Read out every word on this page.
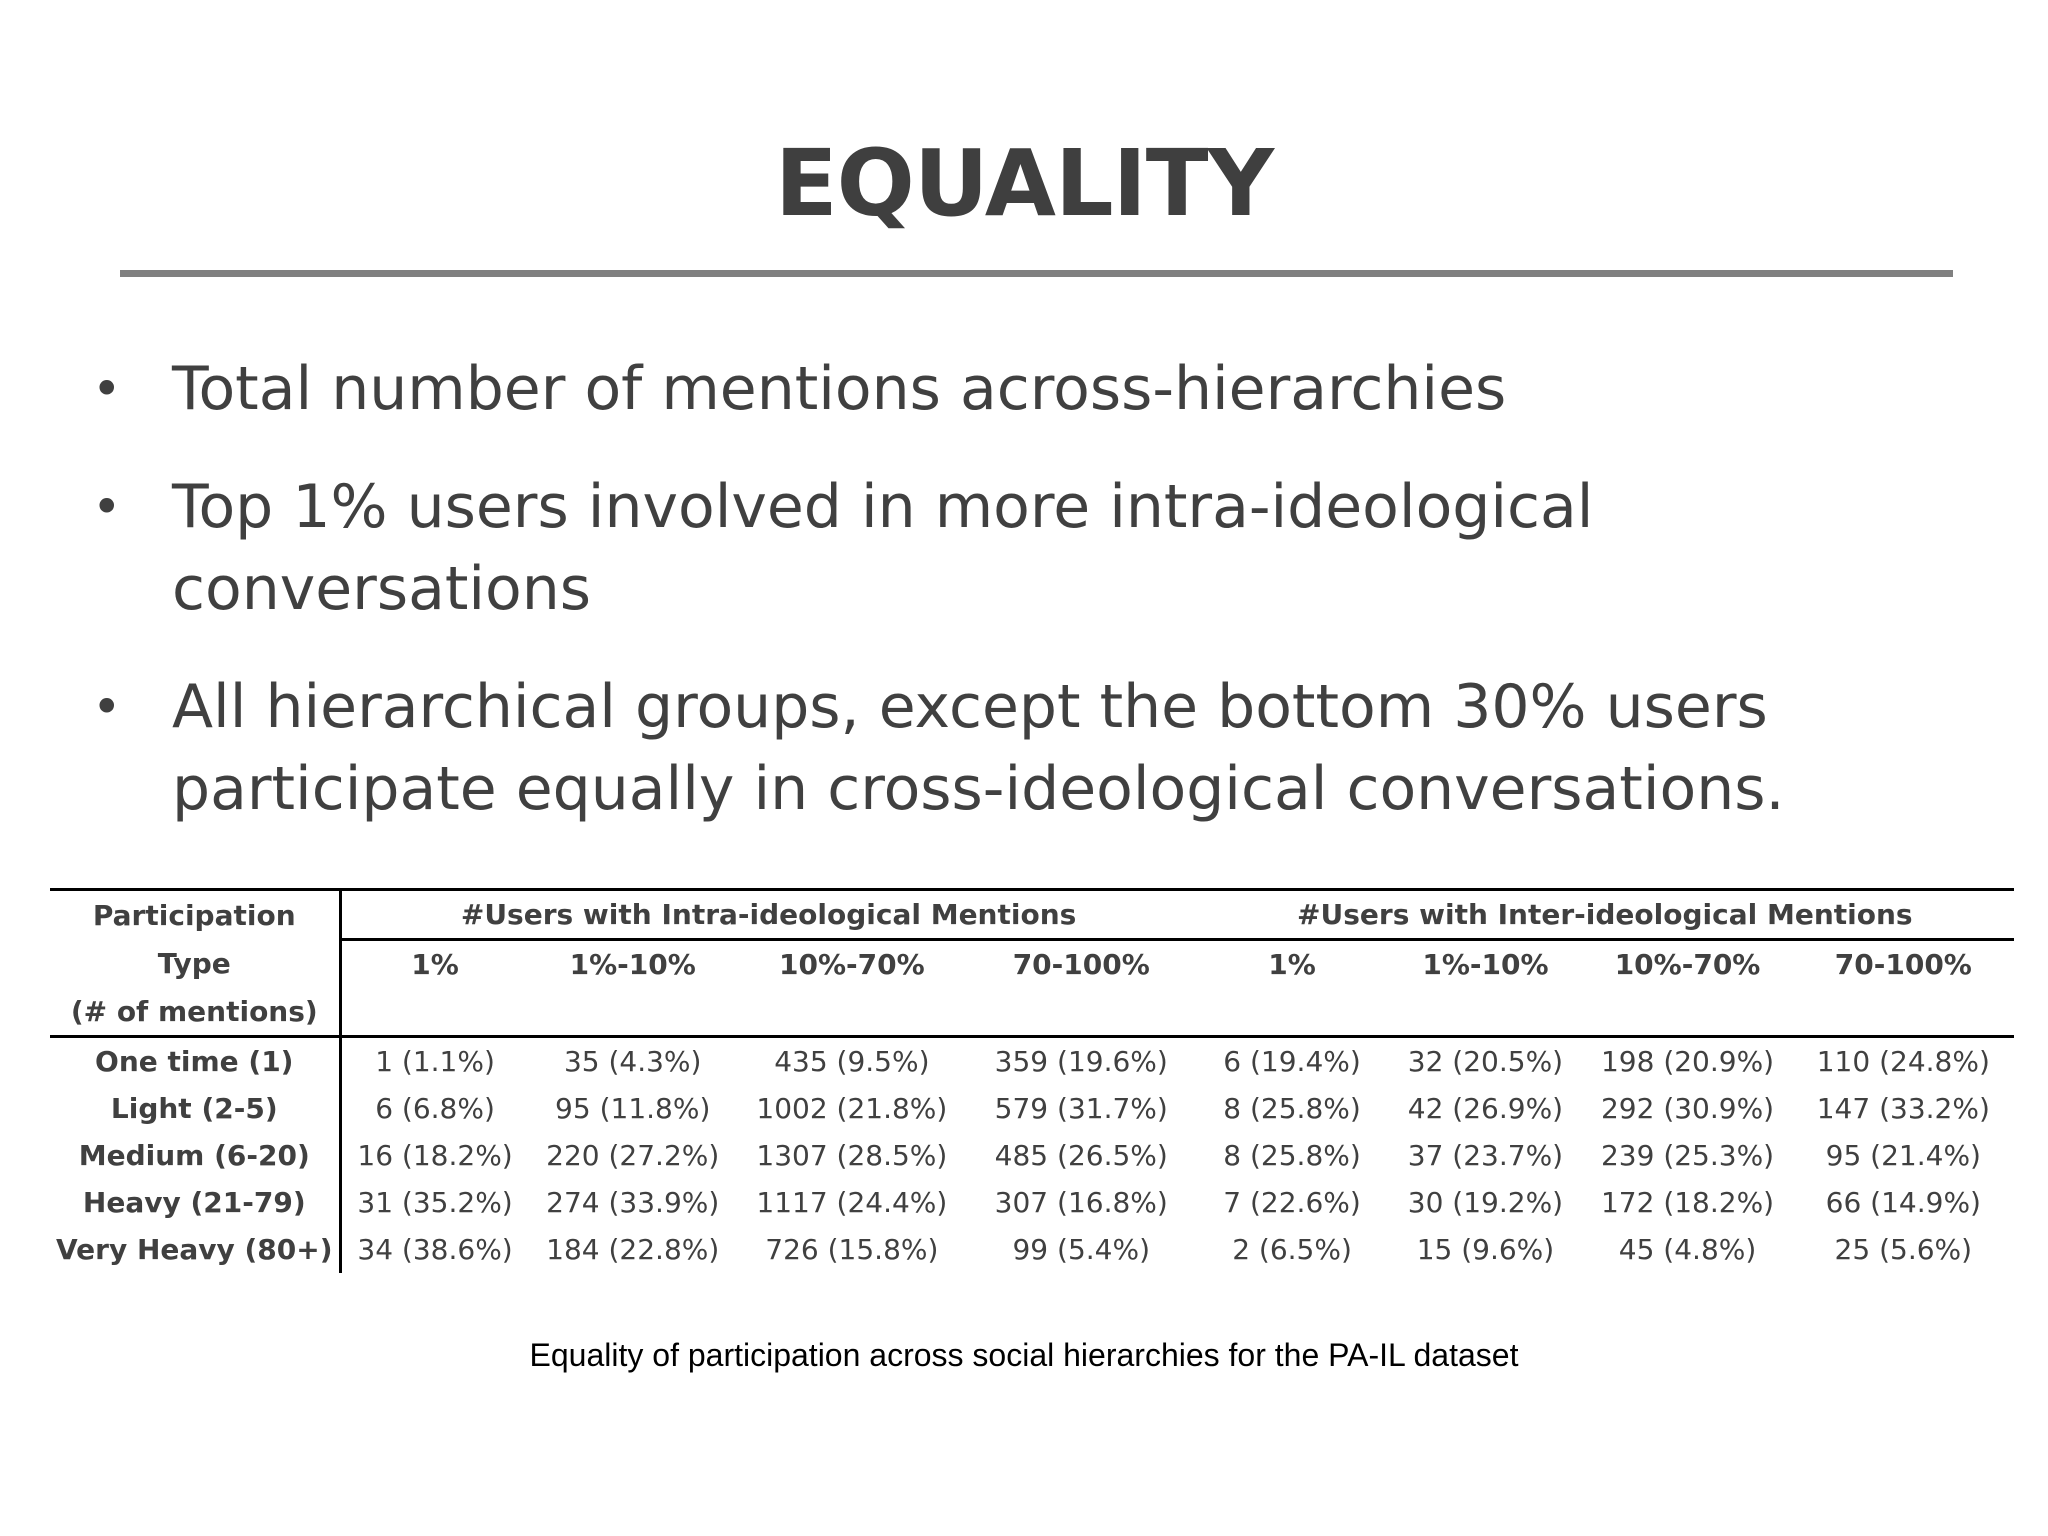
EQUALITY
• Total number of mentions across-hierarchies
• Top 1% users involved in more intra-ideological conversations
• All hierarchical groups, except the bottom 30% users participate equally in cross-ideological conversations.
Participation	#Users with Intra-ideological Mentions				#Users with Inter-ideological Mentions			
Type	1%	1%-10%	10%-70%	70-100%	1%	1%-10%	10%-70%	70-100%
(# of mentions)								
One time (1)	1 (1.1%)	35 (4.3%)	435 (9.5%)	359 (19.6%)	6 (19.4%)	32 (20.5%)	198 (20.9%)	110 (24.8%)
Light (2-5)	6 (6.8%)	95 (11.8%)	1002 (21.8%)	579 (31.7%)	8 (25.8%)	42 (26.9%)	292 (30.9%)	147 (33.2%)
Medium (6-20)	16 (18.2%)	220 (27.2%)	1307 (28.5%)	485 (26.5%)	8 (25.8%)	37 (23.7%)	239 (25.3%)	95 (21.4%)
Heavy (21-79)	31 (35.2%)	274 (33.9%)	1117 (24.4%)	307 (16.8%)	7 (22.6%)	30 (19.2%)	172 (18.2%)	66 (14.9%)
Very Heavy (80+)	34 (38.6%)	184 (22.8%)	726 (15.8%)	99 (5.4%)	2 (6.5%)	15 (9.6%)	45 (4.8%)	25 (5.6%)
Equality of participation across social hierarchies for the PA-IL dataset
